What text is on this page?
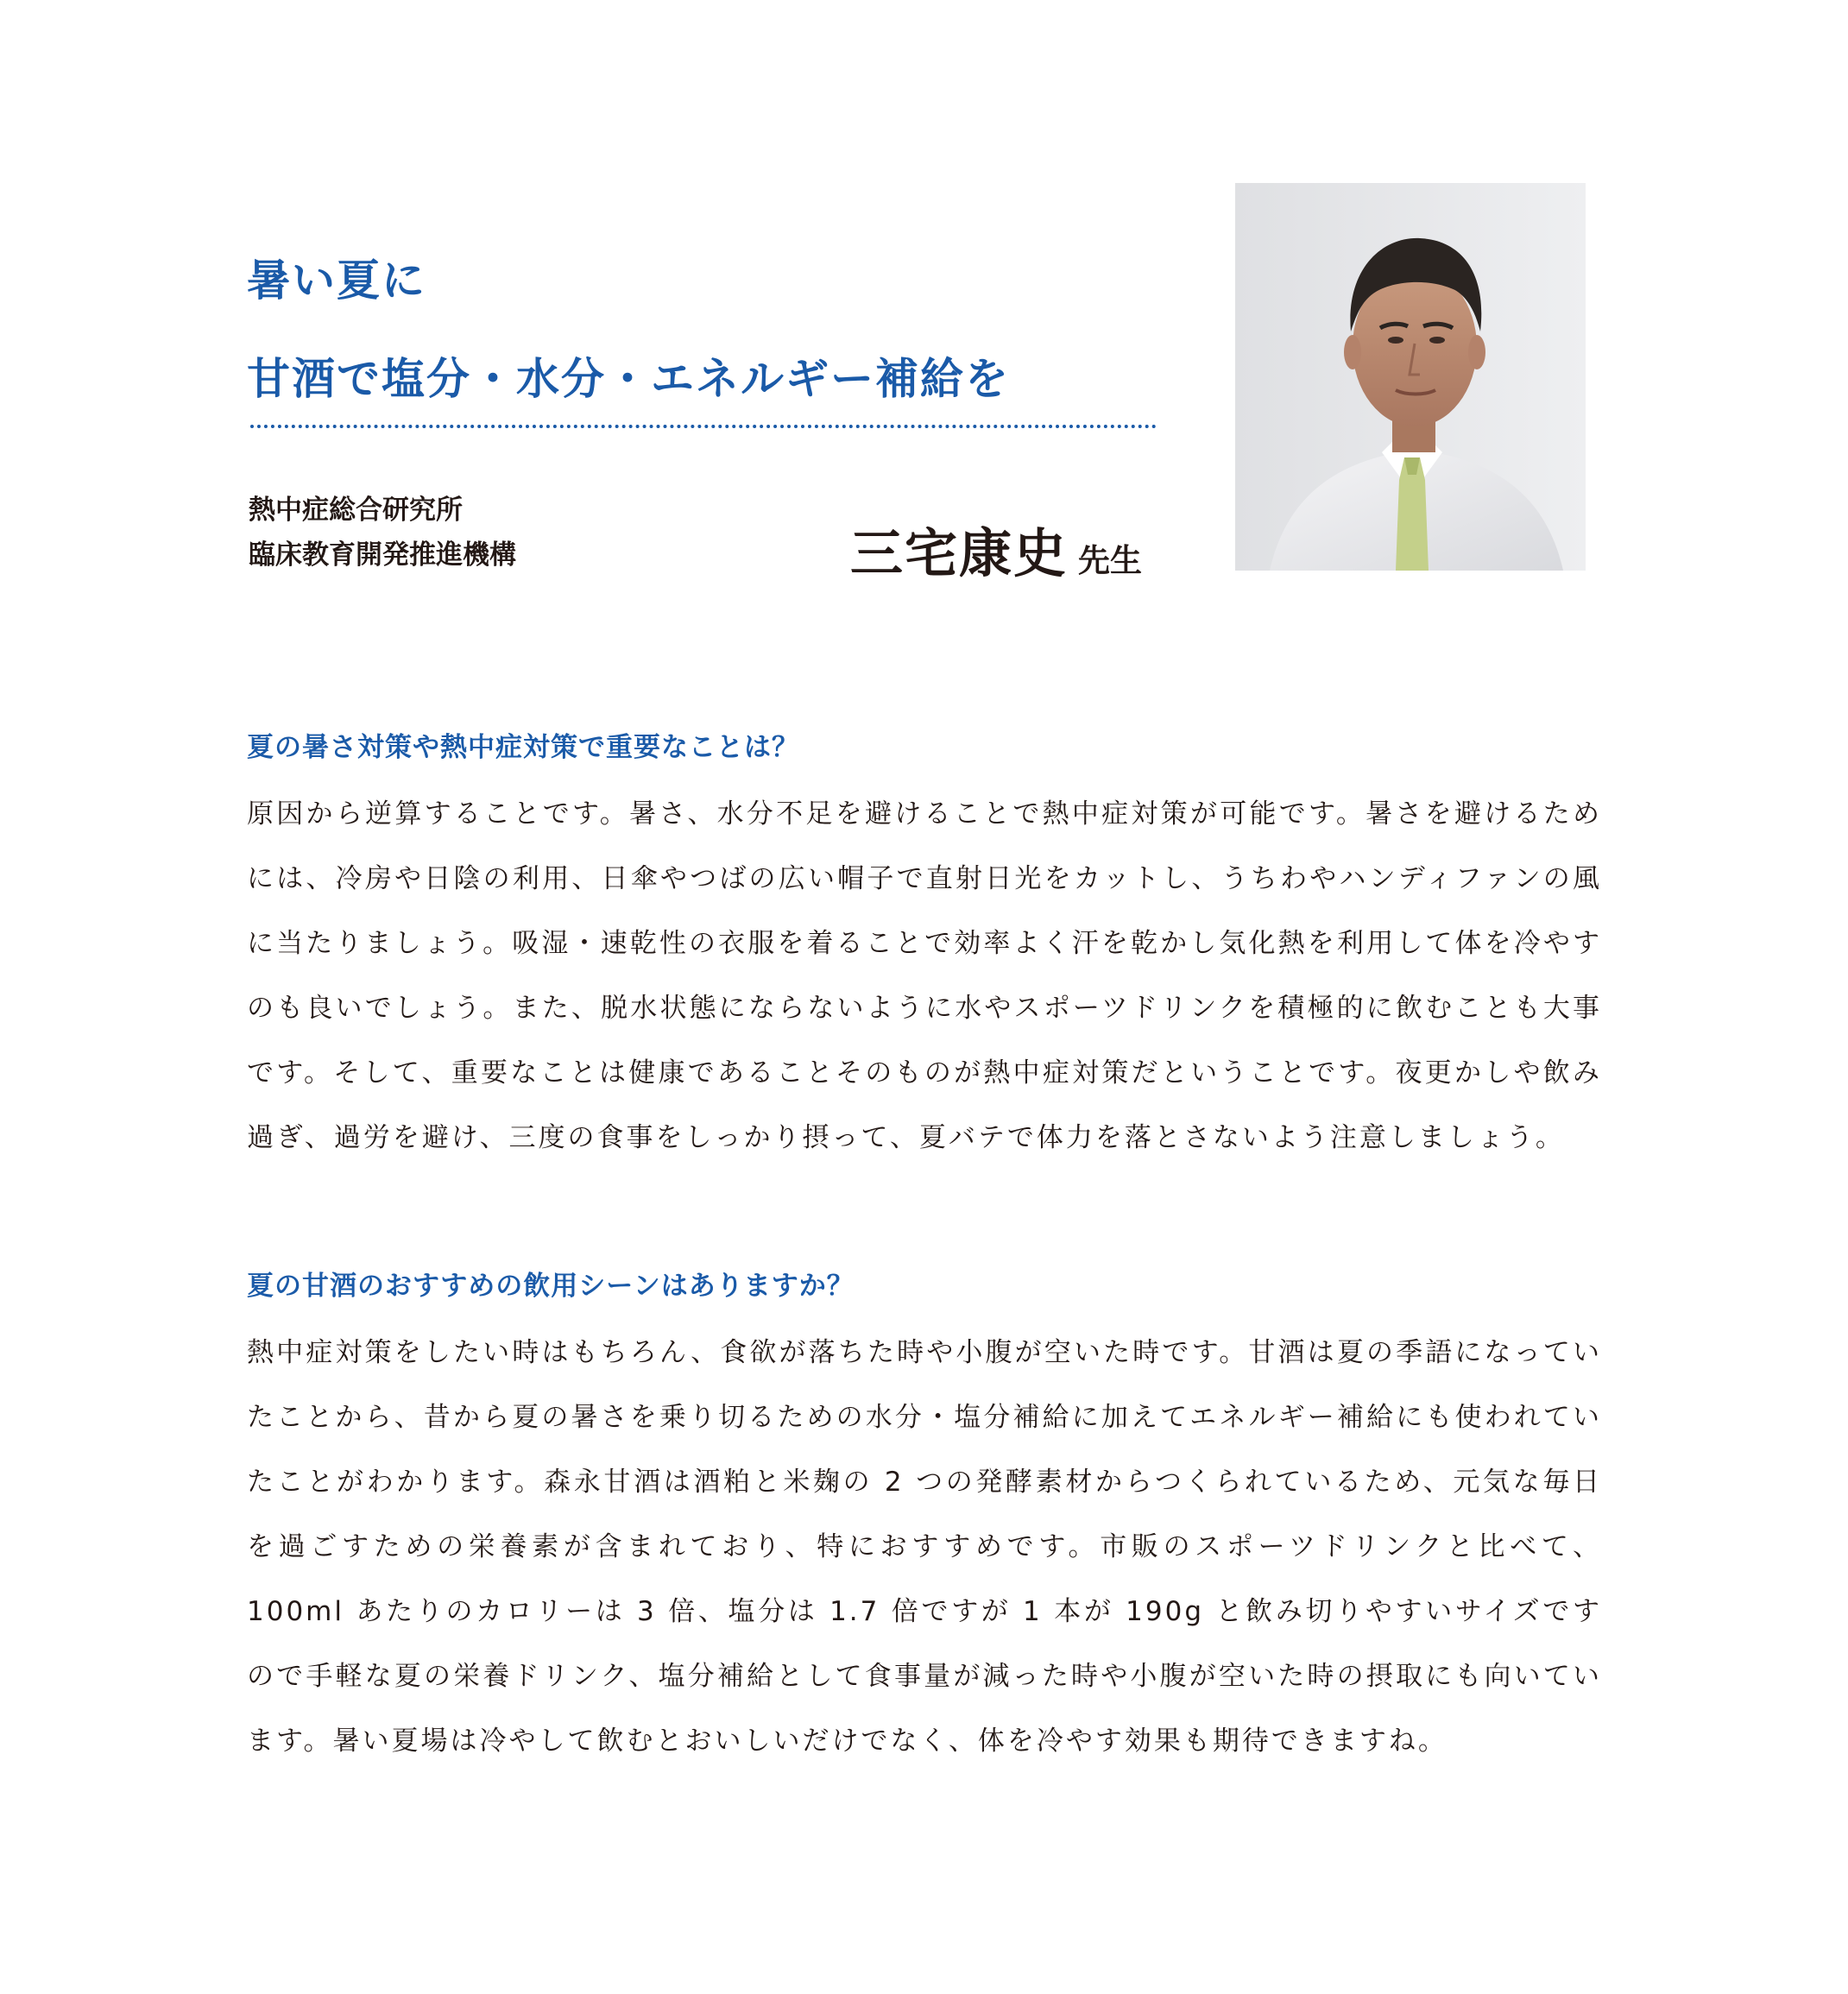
暑い夏に
甘酒で塩分・水分・エネルギー補給を
熱中症総合研究所
臨床教育開発推進機構	三宅康史 先生
夏の暑さ対策や熱中症対策で重要なことは？

原因から逆算することです。暑さ、水分不足を避けることで熱中症対策が可能です。暑さを避けるためには、冷房や日陰の利用、日傘やつばの広い帽子で直射日光をカットし、うちわやハンディファンの風に当たりましょう。吸湿・速乾性の衣服を着ることで効率よく汗を乾かし気化熱を利用して体を冷やすのも良いでしょう。また、脱水状態にならないように水やスポーツドリンクを積極的に飲むことも大事です。そして、重要なことは健康であることそのものが熱中症対策だということです。夜更かしや飲み過ぎ、過労を避け、三度の食事をしっかり摂って、夏バテで体力を落とさないよう注意しましょう。

夏の甘酒のおすすめの飲用シーンはありますか？

熱中症対策をしたい時はもちろん、食欲が落ちた時や小腹が空いた時です。甘酒は夏の季語になっていたことから、昔から夏の暑さを乗り切るための水分・塩分補給に加えてエネルギー補給にも使われていたことがわかります。森永甘酒は酒粕と米麹の 2 つの発酵素材からつくられているため、元気な毎日を過ごすための栄養素が含まれており、特におすすめです。市販のスポーツドリンクと比べて、100ml あたりのカロリーは 3 倍、塩分は 1.7 倍ですが 1 本が 190g と飲み切りやすいサイズですので手軽な夏の栄養ドリンク、塩分補給として食事量が減った時や小腹が空いた時の摂取にも向いています。暑い夏場は冷やして飲むとおいしいだけでなく、体を冷やす効果も期待できますね。
